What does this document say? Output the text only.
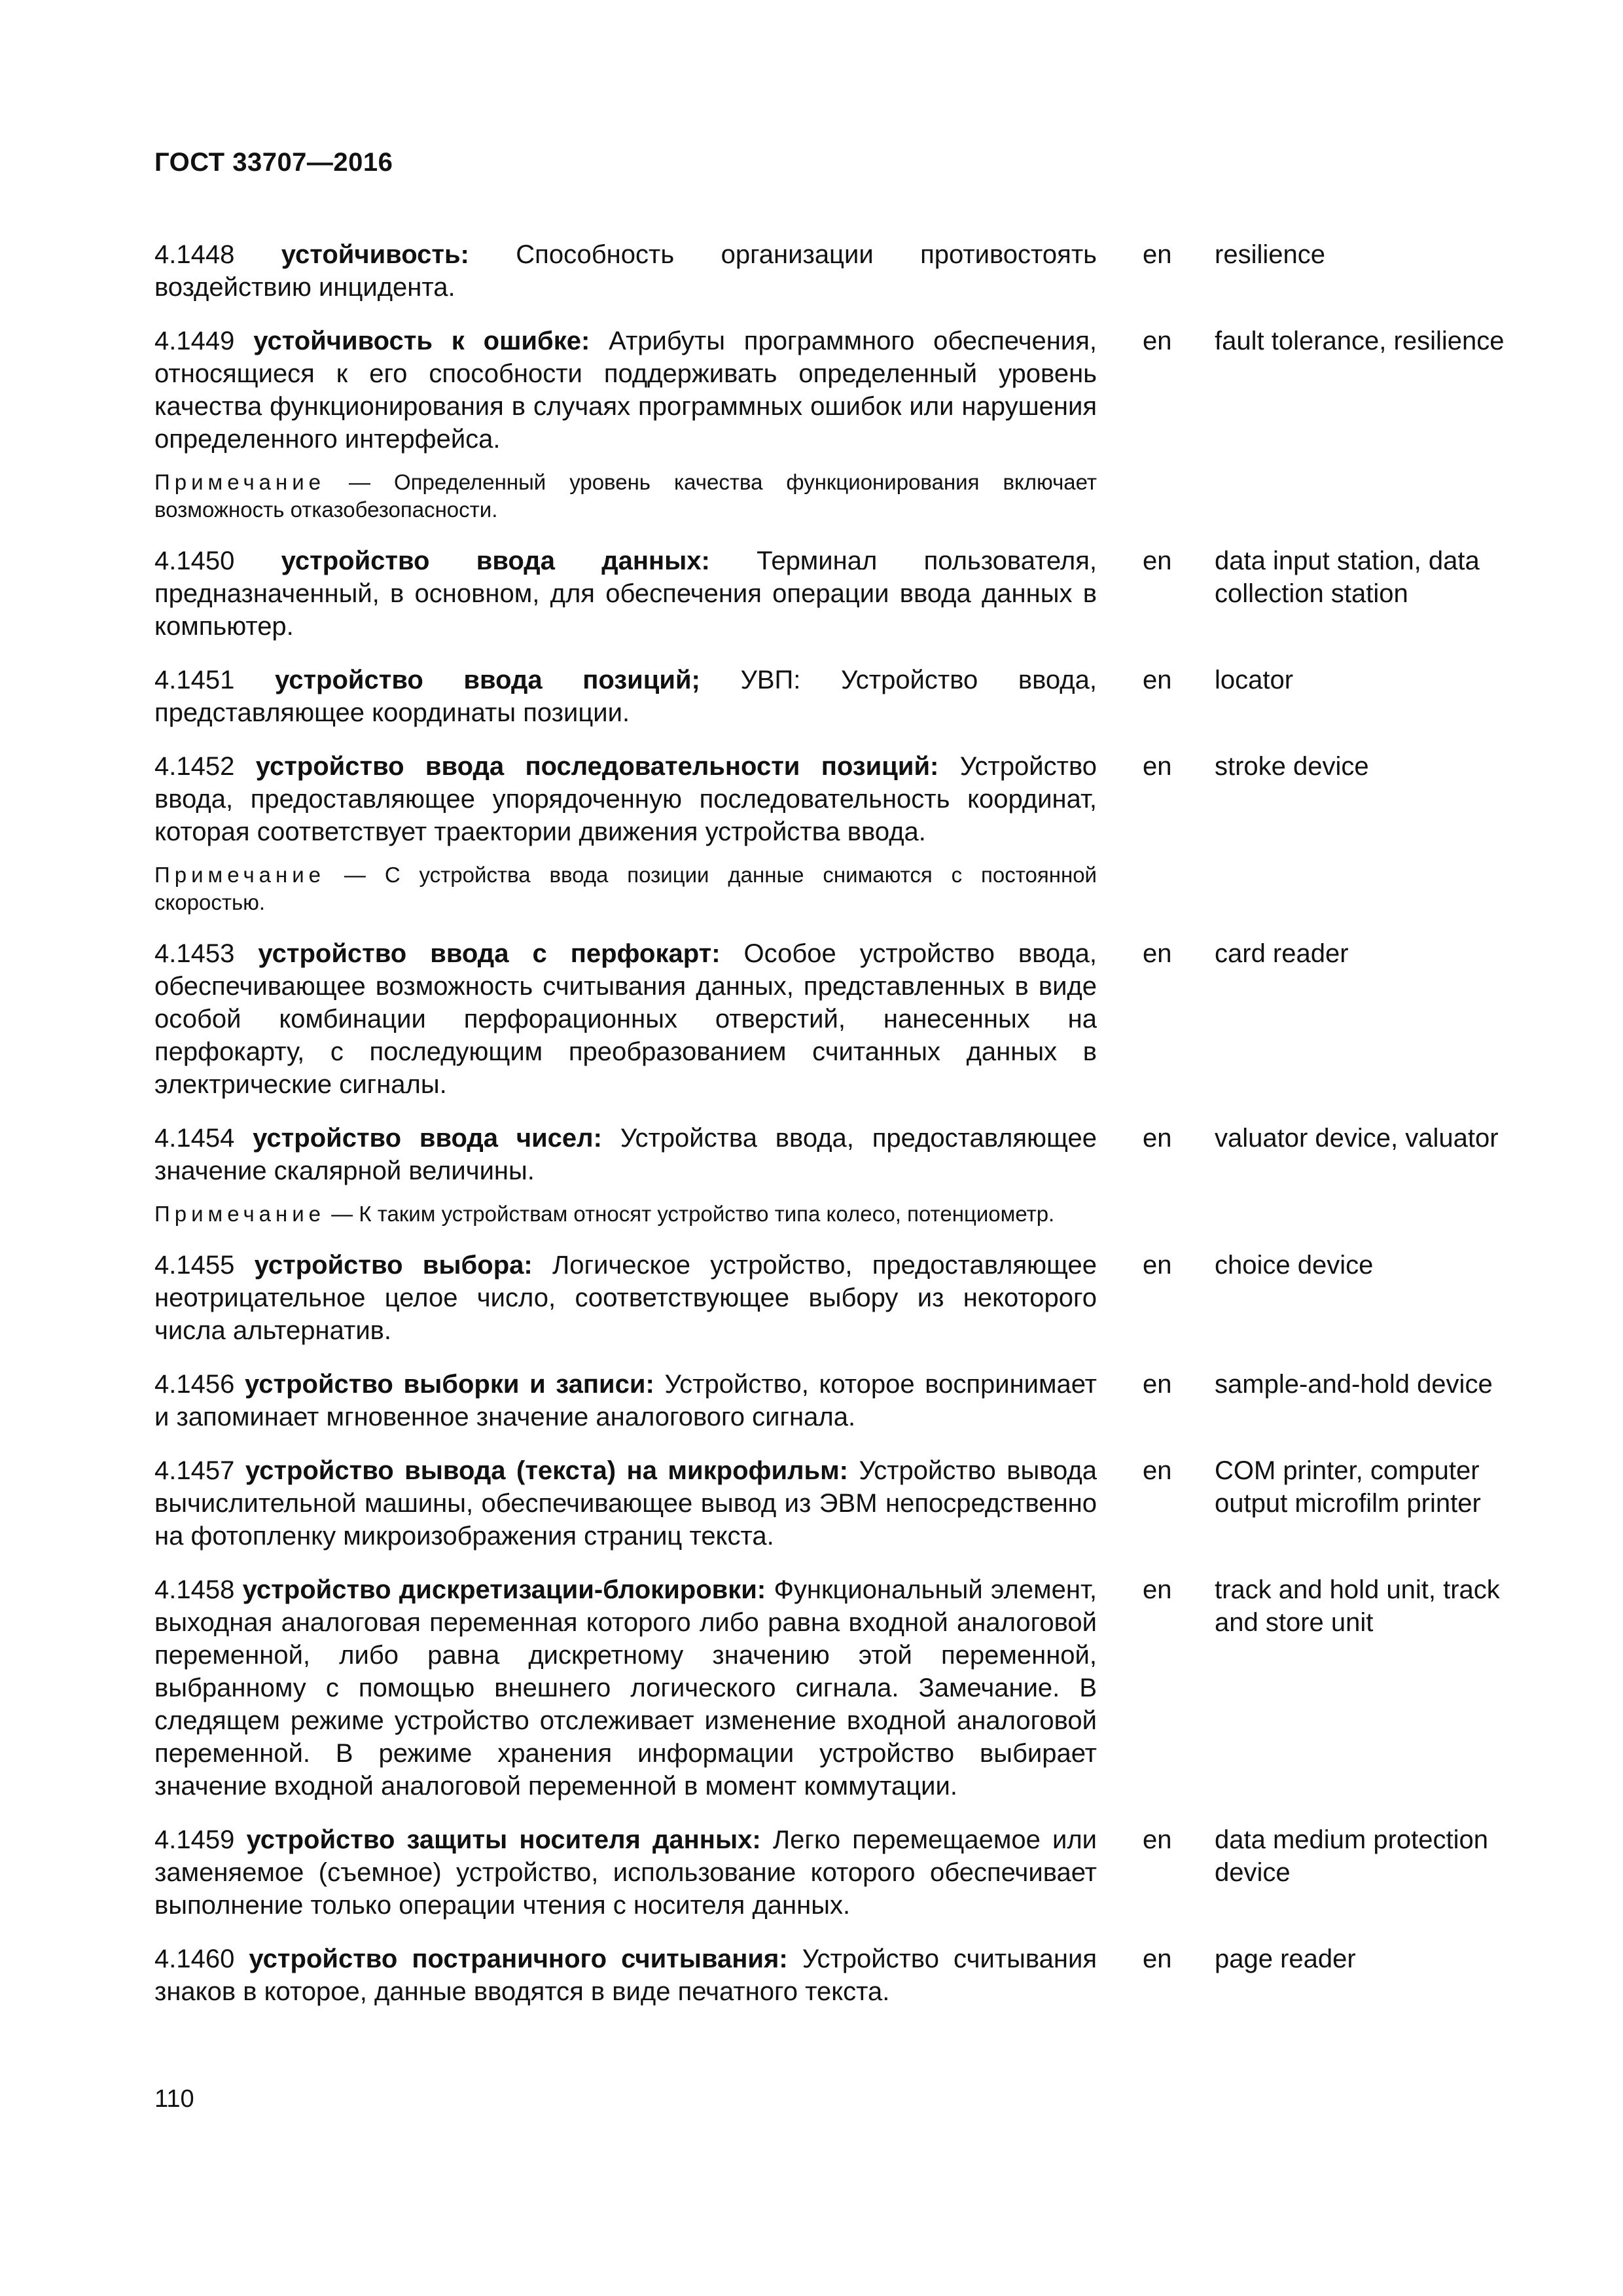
ГОСТ 33707—2016

4.1448 устойчивость: Способность организации противостоять воздействию инцидента.

en	resilience

4.1449 устойчивость к ошибке: Атрибуты программного обеспечения, относящиеся к его способности поддерживать определенный уровень качества функционирования в случаях программных ошибок или нарушения определенного интерфейса.

Примечание — Определенный уровень качества функционирования включает возможность отказобезопасности.

en	fault tolerance, resilience

4.1450 устройство ввода данных: Терминал пользователя, предназначенный, в основном, для обеспечения операции ввода данных в компьютер.

en	data input station, data collection station

4.1451 устройство ввода позиций; УВП: Устройство ввода, представляющее координаты позиции.

en	locator

4.1452 устройство ввода последовательности позиций: Устройство ввода, предоставляющее упорядоченную последовательность координат, которая соответствует траектории движения устройства ввода.

Примечание — С устройства ввода позиции данные снимаются с постоянной скоростью.

en	stroke device

4.1453 устройство ввода с перфокарт: Особое устройство ввода, обеспечивающее возможность считывания данных, представленных в виде особой комбинации перфорационных отверстий, нанесенных на перфокарту, с последующим преобразованием считанных данных в электрические сигналы.

en	card reader

4.1454 устройство ввода чисел: Устройства ввода, предоставляющее значение скалярной величины.

Примечание — К таким устройствам относят устройство типа колесо, потенциометр.

en	valuator device, valuator

4.1455 устройство выбора: Логическое устройство, предоставляющее неотрицательное целое число, соответствующее выбору из некоторого числа альтернатив.

en	choice device

4.1456 устройство выборки и записи: Устройство, которое воспринимает и запоминает мгновенное значение аналогового сигнала.

en	sample-and-hold device

4.1457 устройство вывода (текста) на микрофильм: Устройство вывода вычислительной машины, обеспечивающее вывод из ЭВМ непосредственно на фотопленку микроизображения страниц текста.

en	COM printer, computer output microfilm printer

4.1458 устройство дискретизации-блокировки: Функциональный элемент, выходная аналоговая переменная которого либо равна входной аналоговой переменной, либо равна дискретному значению этой переменной, выбранному с помощью внешнего логического сигнала. Замечание. В следящем режиме устройство отслеживает изменение входной аналоговой переменной. В режиме хранения информации устройство выбирает значение входной аналоговой переменной в момент коммутации.

en	track and hold unit, track and store unit

4.1459 устройство защиты носителя данных: Легко перемещаемое или заменяемое (съемное) устройство, использование которого обеспечивает выполнение только операции чтения с носителя данных.

en	data medium protection device

4.1460 устройство постраничного считывания: Устройство считывания знаков в которое, данные вводятся в виде печатного текста.

en	page reader
110
